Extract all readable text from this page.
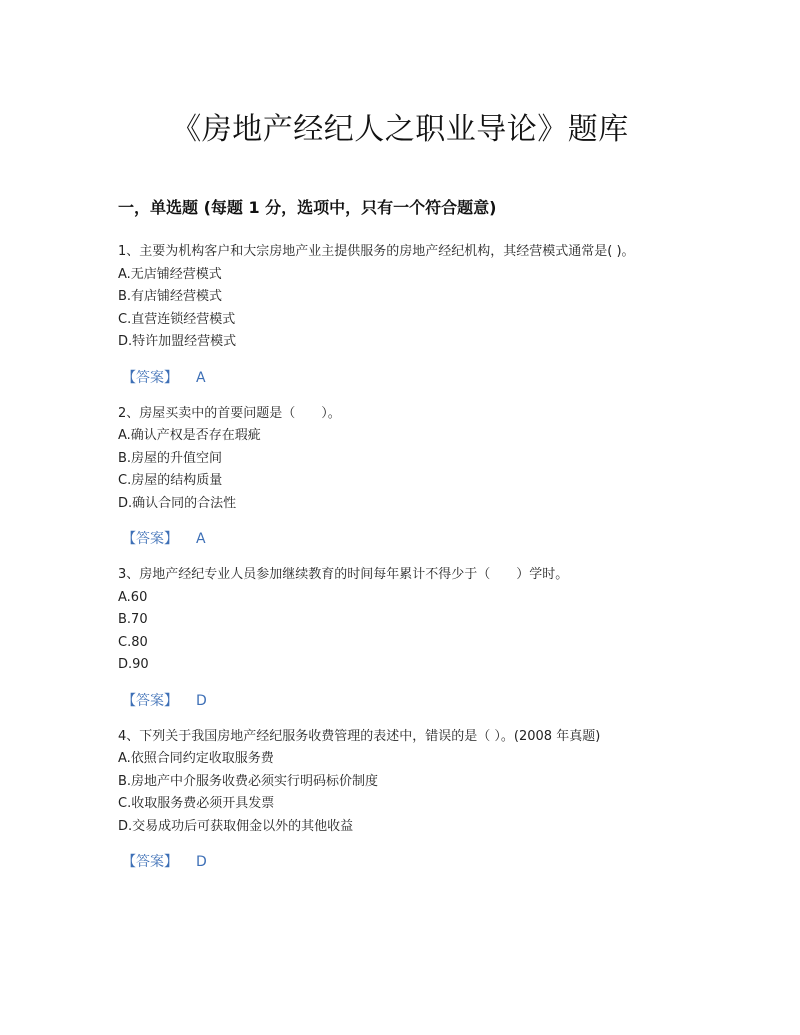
《房地产经纪人之职业导论》题库
一，单选题 (每题 1 分，选项中，只有一个符合题意)
1、主要为机构客户和大宗房地产业主提供服务的房地产经纪机构，其经营模式通常是( )。
A.无店铺经营模式
B.有店铺经营模式
C.直营连锁经营模式
D.特许加盟经营模式
【答案】 A
2、房屋买卖中的首要问题是（　　）。
A.确认产权是否存在瑕疵
B.房屋的升值空间
C.房屋的结构质量
D.确认合同的合法性
【答案】 A
3、房地产经纪专业人员参加继续教育的时间每年累计不得少于（　　）学时。
A.60
B.70
C.80
D.90
【答案】 D
4、下列关于我国房地产经纪服务收费管理的表述中，错误的是（ ）。(2008 年真题)
A.依照合同约定收取服务费
B.房地产中介服务收费必须实行明码标价制度
C.收取服务费必须开具发票
D.交易成功后可获取佣金以外的其他收益
【答案】 D
